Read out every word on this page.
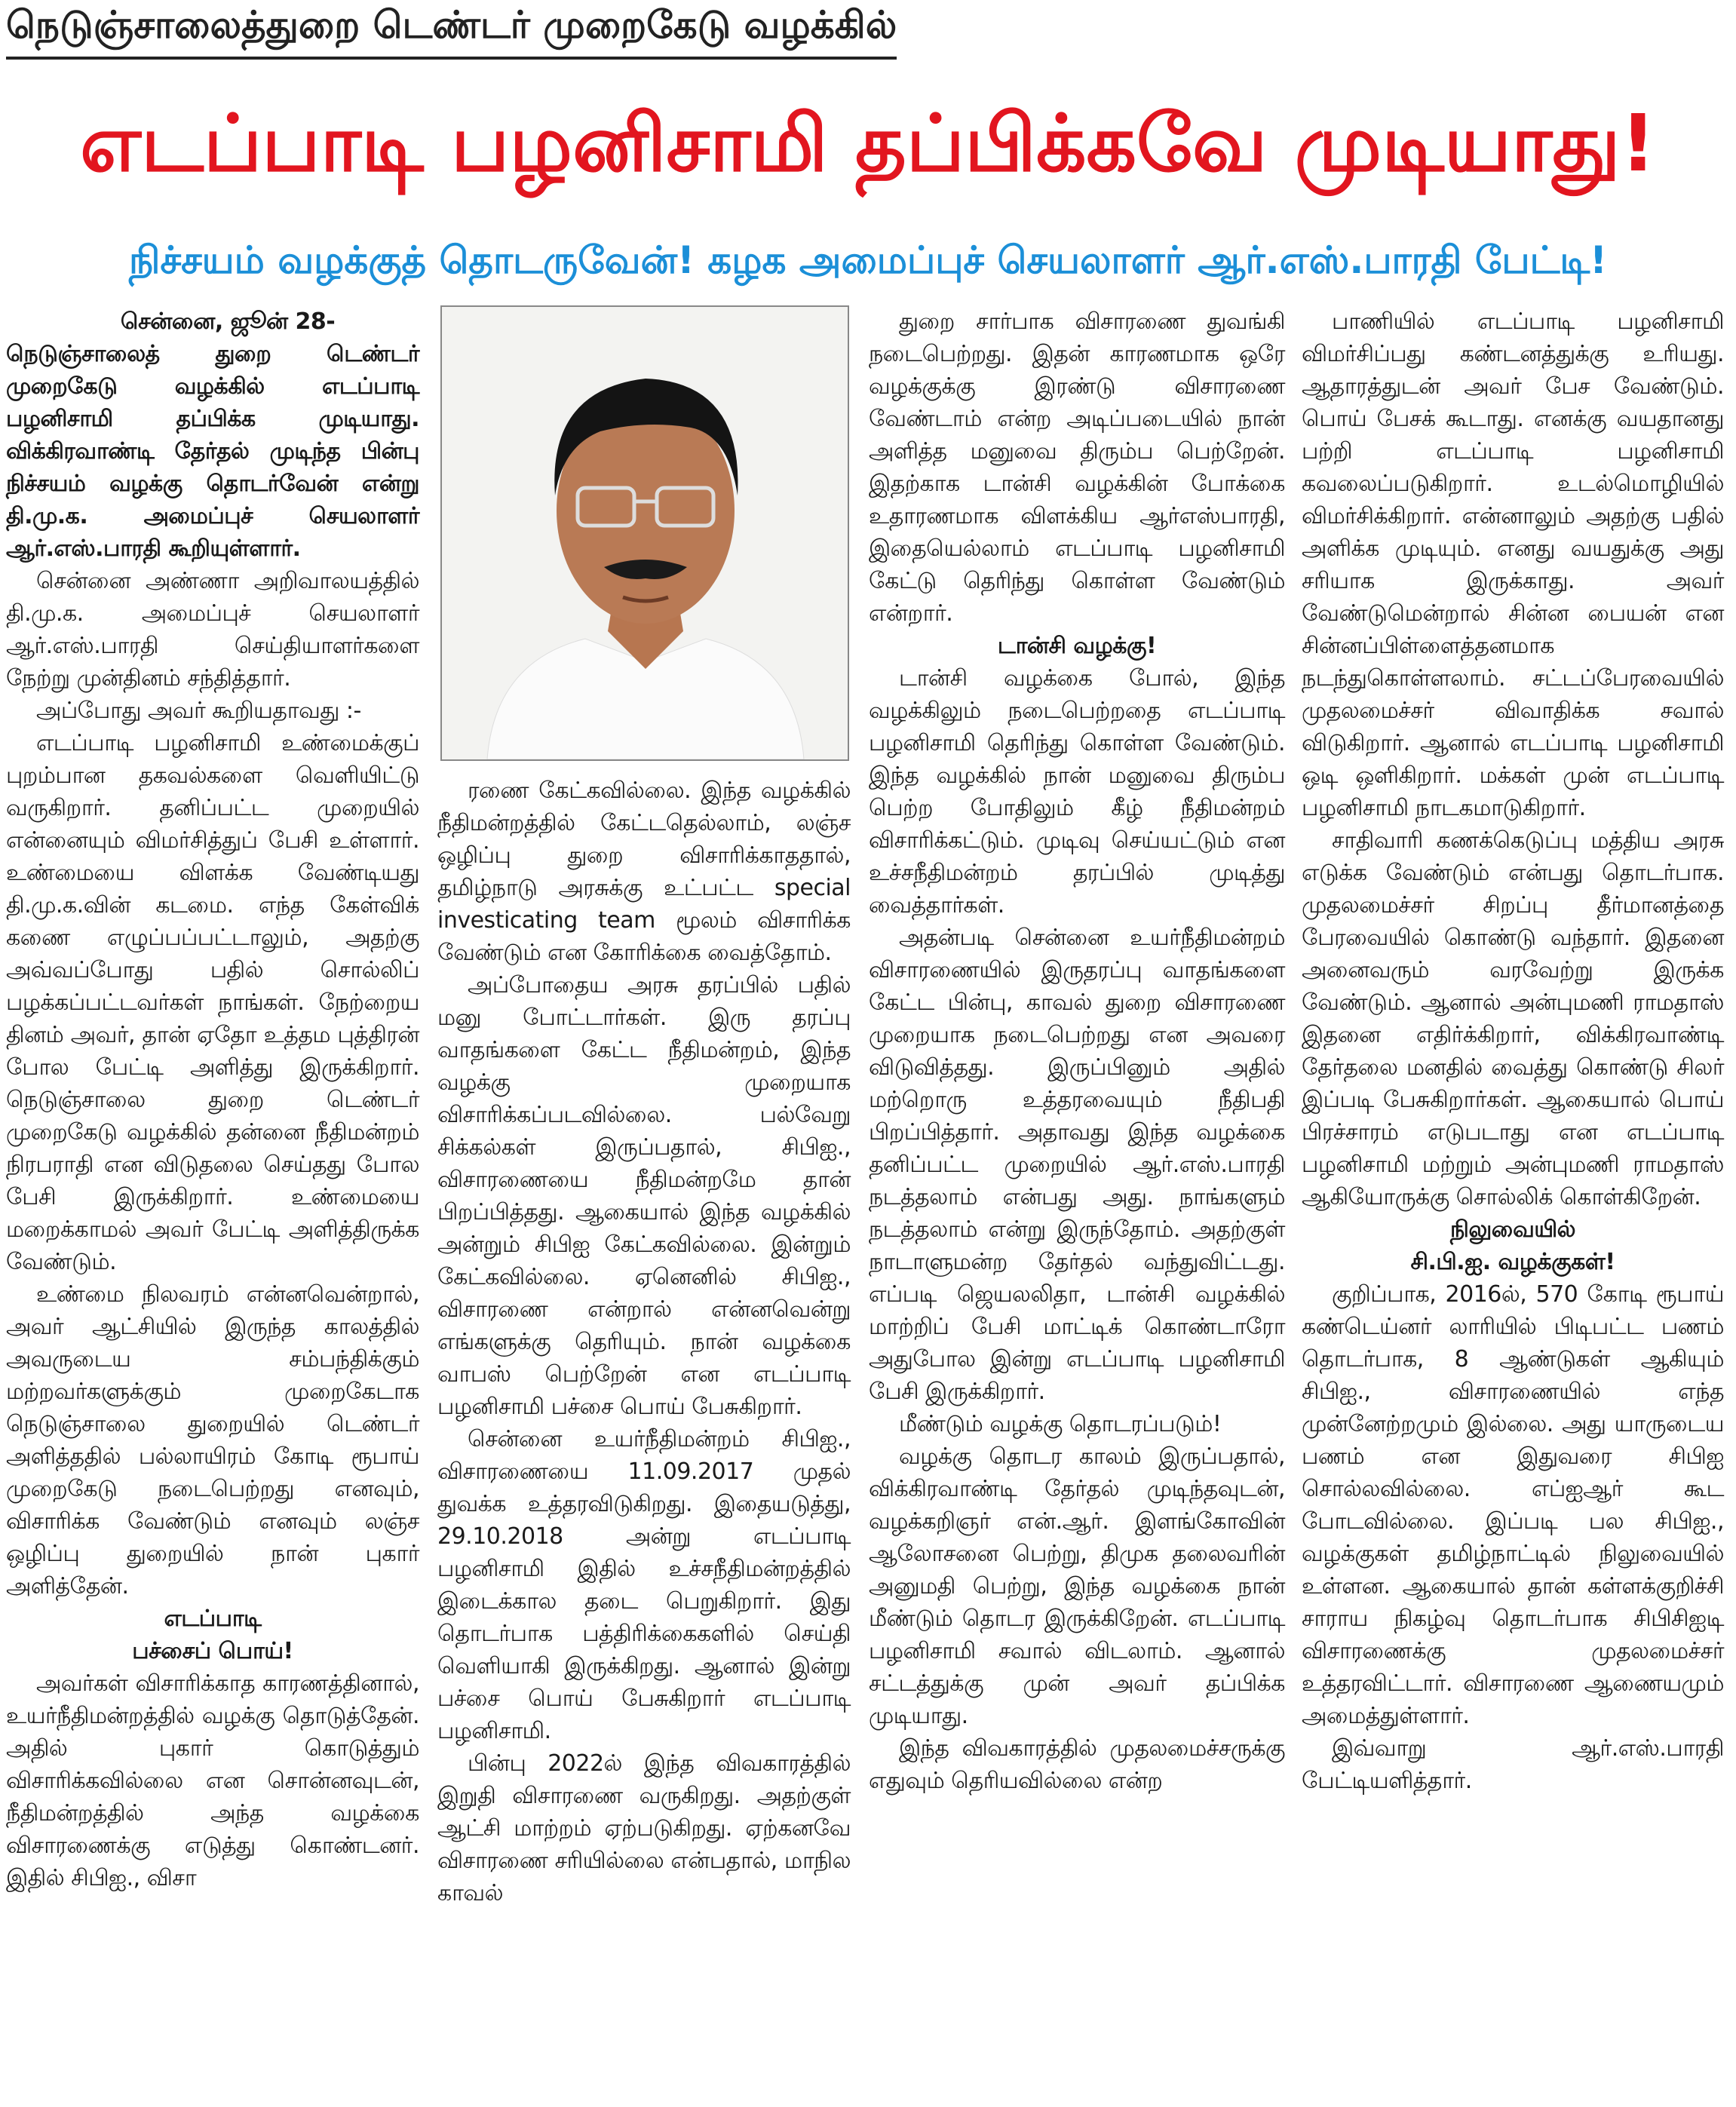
நெடுஞ்சாலைத்துறை டெண்டர் முறைகேடு வழக்கில்
எடப்பாடி பழனிசாமி தப்பிக்கவே முடியாது!
நிச்சயம் வழக்குத் தொடருவேன்! கழக அமைப்புச் செயலாளர் ஆர்.எஸ்.பாரதி பேட்டி!

சென்னை, ஜூன் 28-

நெடுஞ்சாலைத் துறை டெண்டர் முறைகேடு வழக்கில் எடப்பாடி பழனிசாமி தப்பிக்க முடியாது. விக்கிரவாண்டி தேர்தல் முடிந்த பின்பு நிச்சயம் வழக்கு தொடர்வேன் என்று தி.மு.க. அமைப்புச் செயலாளர் ஆர்.எஸ்.பாரதி கூறியுள்ளார்.

சென்னை அண்ணா அறிவாலயத்தில் தி.மு.க. அமைப்புச் செயலாளர் ஆர்.எஸ்.பாரதி செய்தியாளர்களை நேற்று முன்தினம் சந்தித்தார்.

அப்போது அவர் கூறியதாவது :-

எடப்பாடி பழனிசாமி உண்மைக்குப் புறம்பான தகவல்களை வெளியிட்டு வருகிறார். தனிப்பட்ட முறையில் என்னையும் விமர்சித்துப் பேசி உள்ளார். உண்மையை விளக்க வேண்டியது தி.மு.க.வின் கடமை. எந்த கேள்விக் கணை எழுப்பப்பட்டாலும், அதற்கு அவ்வப்போது பதில் சொல்லிப் பழக்கப்பட்டவர்கள் நாங்கள். நேற்றைய தினம் அவர், தான் ஏதோ உத்தம புத்திரன் போல பேட்டி அளித்து இருக்கிறார். நெடுஞ்சாலை துறை டெண்டர் முறைகேடு வழக்கில் தன்னை நீதிமன்றம் நிரபராதி என விடுதலை செய்தது போல பேசி இருக்கிறார். உண்மையை மறைக்காமல் அவர் பேட்டி அளித்திருக்க வேண்டும்.

உண்மை நிலவரம் என்னவென்றால், அவர் ஆட்சியில் இருந்த காலத்தில் அவருடைய சம்பந்திக்கும் மற்றவர்களுக்கும் முறைகேடாக நெடுஞ்சாலை துறையில் டெண்டர் அளித்ததில் பல்லாயிரம் கோடி ரூபாய் முறைகேடு நடைபெற்றது எனவும், விசாரிக்க வேண்டும் எனவும் லஞ்ச ஒழிப்பு துறையில் நான் புகார் அளித்தேன்.

எடப்பாடி

பச்சைப் பொய்!

அவர்கள் விசாரிக்காத காரணத்தினால், உயர்நீதிமன்றத்தில் வழக்கு தொடுத்தேன். அதில் புகார் கொடுத்தும் விசாரிக்கவில்லை என சொன்னவுடன், நீதிமன்றத்தில் அந்த வழக்கை விசாரணைக்கு எடுத்து கொண்டனர். இதில் சிபிஐ., விசா

ரணை கேட்கவில்லை. இந்த வழக்கில் நீதிமன்றத்தில் கேட்டதெல்லாம், லஞ்ச ஒழிப்பு துறை விசாரிக்காததால், தமிழ்நாடு அரசுக்கு உட்பட்ட special investicating team மூலம் விசாரிக்க வேண்டும் என கோரிக்கை வைத்தோம்.

அப்போதைய அரசு தரப்பில் பதில் மனு போட்டார்கள். இரு தரப்பு வாதங்களை கேட்ட நீதிமன்றம், இந்த வழக்கு முறையாக விசாரிக்கப்படவில்லை. பல்வேறு சிக்கல்கள் இருப்பதால், சிபிஐ., விசாரணையை நீதிமன்றமே தான் பிறப்பித்தது. ஆகையால் இந்த வழக்கில் அன்றும் சிபிஐ கேட்கவில்லை. இன்றும் கேட்கவில்லை. ஏனெனில் சிபிஐ., விசாரணை என்றால் என்னவென்று எங்களுக்கு தெரியும். நான் வழக்கை வாபஸ் பெற்றேன் என எடப்பாடி பழனிசாமி பச்சை பொய் பேசுகிறார்.

சென்னை உயர்நீதிமன்றம் சிபிஐ., விசாரணையை 11.09.2017 முதல் துவக்க உத்தரவிடுகிறது. இதையடுத்து, 29.10.2018 அன்று எடப்பாடி பழனிசாமி இதில் உச்சநீதிமன்றத்தில் இடைக்கால தடை பெறுகிறார். இது தொடர்பாக பத்திரிக்கைகளில் செய்தி வெளியாகி இருக்கிறது. ஆனால் இன்று பச்சை பொய் பேசுகிறார் எடப்பாடி பழனிசாமி.

பின்பு 2022ல் இந்த விவகாரத்தில் இறுதி விசாரணை வருகிறது. அதற்குள் ஆட்சி மாற்றம் ஏற்படுகிறது. ஏற்கனவே விசாரணை சரியில்லை என்பதால், மாநில காவல்

துறை சார்பாக விசாரணை துவங்கி நடைபெற்றது. இதன் காரணமாக ஒரே வழக்குக்கு இரண்டு விசாரணை வேண்டாம் என்ற அடிப்படையில் நான் அளித்த மனுவை திரும்ப பெற்றேன். இதற்காக டான்சி வழக்கின் போக்கை உதாரணமாக விளக்கிய ஆர்எஸ்பாரதி, இதையெல்லாம் எடப்பாடி பழனிசாமி கேட்டு தெரிந்து கொள்ள வேண்டும் என்றார்.

டான்சி வழக்கு!

டான்சி வழக்கை போல், இந்த வழக்கிலும் நடைபெற்றதை எடப்பாடி பழனிசாமி தெரிந்து கொள்ள வேண்டும். இந்த வழக்கில் நான் மனுவை திரும்ப பெற்ற போதிலும் கீழ் நீதிமன்றம் விசாரிக்கட்டும். முடிவு செய்யட்டும் என உச்சநீதிமன்றம் தரப்பில் முடித்து வைத்தார்கள்.

அதன்படி சென்னை உயர்நீதிமன்றம் விசாரணையில் இருதரப்பு வாதங்களை கேட்ட பின்பு, காவல் துறை விசாரணை முறையாக நடைபெற்றது என அவரை விடுவித்தது. இருப்பினும் அதில் மற்றொரு உத்தரவையும் நீதிபதி பிறப்பித்தார். அதாவது இந்த வழக்கை தனிப்பட்ட முறையில் ஆர்.எஸ்.பாரதி நடத்தலாம் என்பது அது. நாங்களும் நடத்தலாம் என்று இருந்தோம். அதற்குள் நாடாளுமன்ற தேர்தல் வந்துவிட்டது. எப்படி ஜெயலலிதா, டான்சி வழக்கில் மாற்றிப் பேசி மாட்டிக் கொண்டாரோ அதுபோல இன்று எடப்பாடி பழனிசாமி பேசி இருக்கிறார்.

மீண்டும் வழக்கு தொடரப்படும்!

வழக்கு தொடர காலம் இருப்பதால், விக்கிரவாண்டி தேர்தல் முடிந்தவுடன், வழக்கறிஞர் என்.ஆர். இளங்கோவின் ஆலோசனை பெற்று, திமுக தலைவரின் அனுமதி பெற்று, இந்த வழக்கை நான் மீண்டும் தொடர இருக்கிறேன். எடப்பாடி பழனிசாமி சவால் விடலாம். ஆனால் சட்டத்துக்கு முன் அவர் தப்பிக்க முடியாது.

இந்த விவகாரத்தில் முதலமைச்சருக்கு எதுவும் தெரியவில்லை என்ற

பாணியில் எடப்பாடி பழனிசாமி விமர்சிப்பது கண்டனத்துக்கு உரியது. ஆதாரத்துடன் அவர் பேச வேண்டும். பொய் பேசக் கூடாது. எனக்கு வயதானது பற்றி எடப்பாடி பழனிசாமி கவலைப்படுகிறார். உடல்மொழியில் விமர்சிக்கிறார். என்னாலும் அதற்கு பதில் அளிக்க முடியும். எனது வயதுக்கு அது சரியாக இருக்காது. அவர் வேண்டுமென்றால் சின்ன பையன் என சின்னப்பிள்ளைத்தனமாக நடந்துகொள்ளலாம். சட்டப்பேரவையில் முதலமைச்சர் விவாதிக்க சவால் விடுகிறார். ஆனால் எடப்பாடி பழனிசாமி ஒடி ஒளிகிறார். மக்கள் முன் எடப்பாடி பழனிசாமி நாடகமாடுகிறார்.

சாதிவாரி கணக்கெடுப்பு மத்திய அரசு எடுக்க வேண்டும் என்பது தொடர்பாக. முதலமைச்சர் சிறப்பு தீர்மானத்தை பேரவையில் கொண்டு வந்தார். இதனை அனைவரும் வரவேற்று இருக்க வேண்டும். ஆனால் அன்புமணி ராமதாஸ் இதனை எதிர்க்கிறார், விக்கிரவாண்டி தேர்தலை மனதில் வைத்து கொண்டு சிலர் இப்படி பேசுகிறார்கள். ஆகையால் பொய் பிரச்சாரம் எடுபடாது என எடப்பாடி பழனிசாமி மற்றும் அன்புமணி ராமதாஸ் ஆகியோருக்கு சொல்லிக் கொள்கிறேன்.

நிலுவையில்

சி.பி.ஐ. வழக்குகள்!

குறிப்பாக, 2016ல், 570 கோடி ரூபாய் கண்டெய்னர் லாரியில் பிடிபட்ட பணம் தொடர்பாக, 8 ஆண்டுகள் ஆகியும் சிபிஐ., விசாரணையில் எந்த முன்னேற்றமும் இல்லை. அது யாருடைய பணம் என இதுவரை சிபிஐ சொல்லவில்லை. எப்ஐஆர் கூட போடவில்லை. இப்படி பல சிபிஐ., வழக்குகள் தமிழ்நாட்டில் நிலுவையில் உள்ளன. ஆகையால் தான் கள்ளக்குறிச்சி சாராய நிகழ்வு தொடர்பாக சிபிசிஐடி விசாரணைக்கு முதலமைச்சர் உத்தரவிட்டார். விசாரணை ஆணையமும் அமைத்துள்ளார்.

இவ்வாறு ஆர்.எஸ்.பாரதி பேட்டியளித்தார்.
